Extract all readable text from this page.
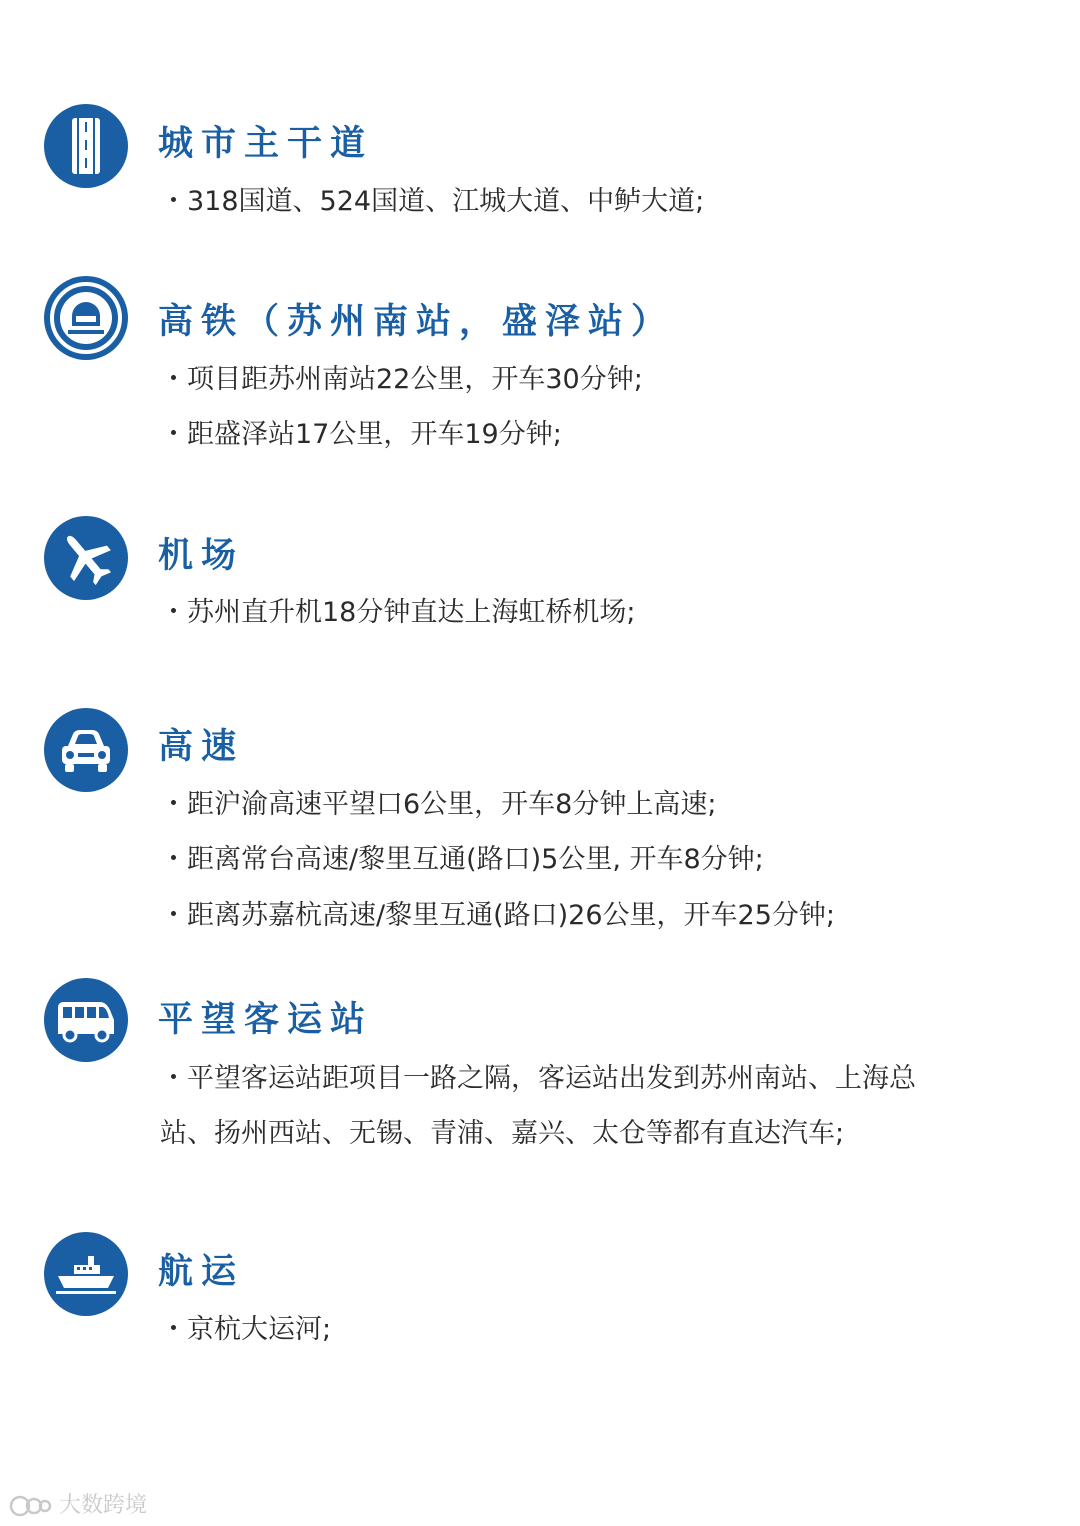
城市主干道
・318国道、524国道、江城大道、中鲈大道;
高铁（苏州南站，盛泽站）
・项目距苏州南站22公里，开车30分钟;
・距盛泽站17公里，开车19分钟;
机场
・苏州直升机18分钟直达上海虹桥机场;
高速
・距沪渝高速平望口6公里，开车8分钟上高速;
・距离常台高速/黎里互通(路口)5公里, 开车8分钟;
・距离苏嘉杭高速/黎里互通(路口)26公里，开车25分钟;
平望客运站
・平望客运站距项目一路之隔，客运站出发到苏州南站、上海总
站、扬州西站、无锡、青浦、嘉兴、太仓等都有直达汽车;
航运
・京杭大运河;
大数跨境
